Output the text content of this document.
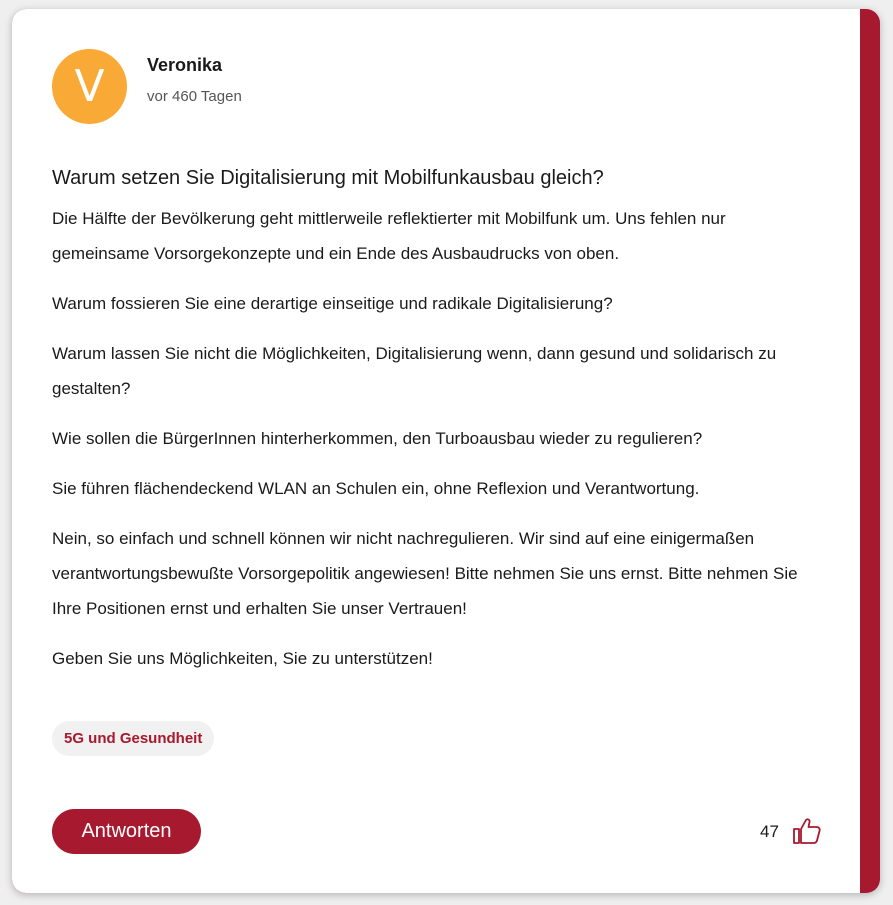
V	Veronika
vor 460 Tagen
Warum setzen Sie Digitalisierung mit Mobilfunkausbau gleich?

Die Hälfte der Bevölkerung geht mittlerweile reflektierter mit Mobilfunk um. Uns fehlen nur gemeinsame Vorsorgekonzepte und ein Ende des Ausbaudrucks von oben.

Warum fossieren Sie eine derartige einseitige und radikale Digitalisierung?

Warum lassen Sie nicht die Möglichkeiten, Digitalisierung wenn, dann gesund und solidarisch zu gestalten?

Wie sollen die BürgerInnen hinterherkommen, den Turboausbau wieder zu regulieren?

Sie führen flächendeckend WLAN an Schulen ein, ohne Reflexion und Verantwortung.

Nein, so einfach und schnell können wir nicht nachregulieren. Wir sind auf eine einigermaßen verantwortungsbewußte Vorsorgepolitik angewiesen! Bitte nehmen Sie uns ernst. Bitte nehmen Sie Ihre Positionen ernst und erhalten Sie unser Vertrauen!

Geben Sie uns Möglichkeiten, Sie zu unterstützen!

5G und Gesundheit
Antworten	47
